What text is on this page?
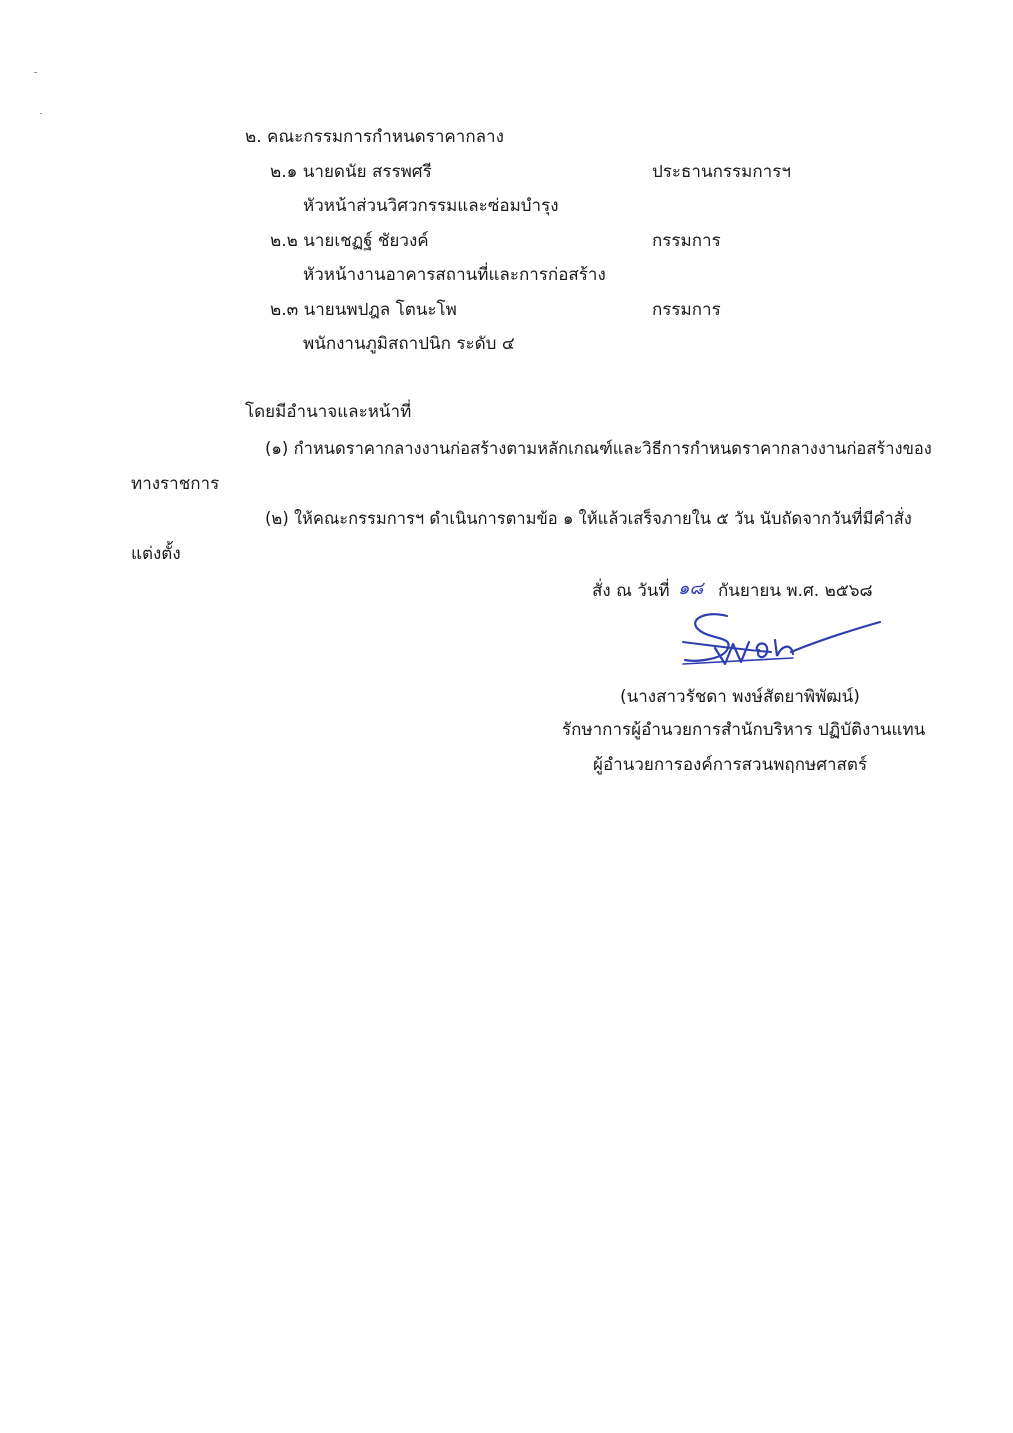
๒. คณะกรรมการกำหนดราคากลาง
๒.๑ นายดนัย สรรพศรี	ประธานกรรมการฯ
หัวหน้าส่วนวิศวกรรมและซ่อมบำรุง
๒.๒ นายเชฏฐ์ ชัยวงค์	กรรมการ
หัวหน้างานอาคารสถานที่และการก่อสร้าง
๒.๓ นายนพปฎล โตนะโพ	กรรมการ
พนักงานภูมิสถาปนิก ระดับ ๔
โดยมีอำนาจและหน้าที่
(๑) กำหนดราคากลางงานก่อสร้างตามหลักเกณฑ์และวิธีการกำหนดราคากลางงานก่อสร้างของ
ทางราชการ
(๒) ให้คณะกรรมการฯ ดำเนินการตามข้อ ๑ ให้แล้วเสร็จภายใน ๕ วัน นับถัดจากวันที่มีคำสั่ง
แต่งตั้ง
สั่ง ณ วันที่ ๑๘ กันยายน พ.ศ. ๒๕๖๘
(นางสาวรัชดา พงษ์สัตยาพิพัฒน์)
รักษาการผู้อำนวยการสำนักบริหาร ปฏิบัติงานแทน
ผู้อำนวยการองค์การสวนพฤกษศาสตร์
